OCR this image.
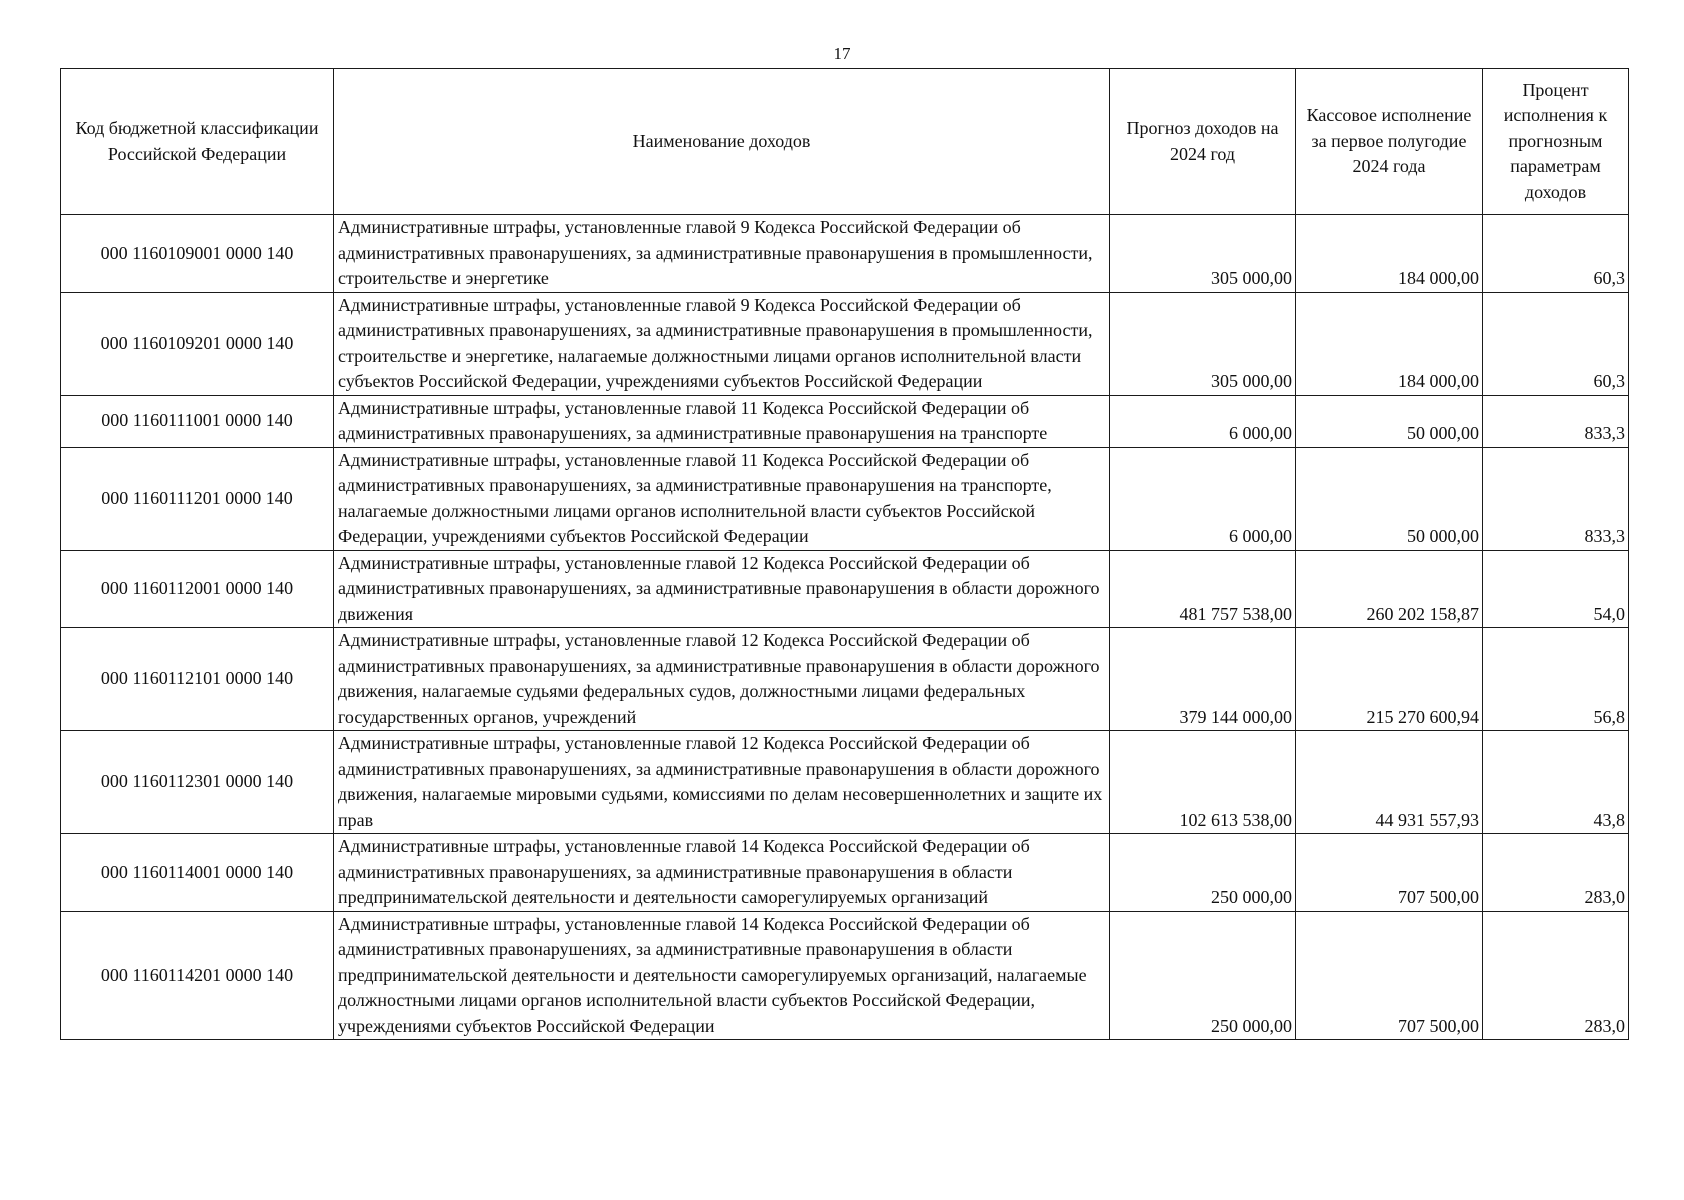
17
Код бюджетной классификации Российской Федерации	Наименование доходов	Прогноз доходов на 2024 год	Кассовое исполнение за первое полугодие 2024 года	Процент исполнения к прогнозным параметрам доходов
000 1160109001 0000 140	Административные штрафы, установленные главой 9 Кодекса Российской Федерации об административных правонарушениях, за административные правонарушения в промышленности, строительстве и энергетике	305 000,00	184 000,00	60,3
000 1160109201 0000 140	Административные штрафы, установленные главой 9 Кодекса Российской Федерации об административных правонарушениях, за административные правонарушения в промышленности, строительстве и энергетике, налагаемые должностными лицами органов исполнительной власти субъектов Российской Федерации, учреждениями субъектов Российской Федерации	305 000,00	184 000,00	60,3
000 1160111001 0000 140	Административные штрафы, установленные главой 11 Кодекса Российской Федерации об административных правонарушениях, за административные правонарушения на транспорте	6 000,00	50 000,00	833,3
000 1160111201 0000 140	Административные штрафы, установленные главой 11 Кодекса Российской Федерации об административных правонарушениях, за административные правонарушения на транспорте, налагаемые должностными лицами органов исполнительной власти субъектов Российской Федерации, учреждениями субъектов Российской Федерации	6 000,00	50 000,00	833,3
000 1160112001 0000 140	Административные штрафы, установленные главой 12 Кодекса Российской Федерации об административных правонарушениях, за административные правонарушения в области дорожного движения	481 757 538,00	260 202 158,87	54,0
000 1160112101 0000 140	Административные штрафы, установленные главой 12 Кодекса Российской Федерации об административных правонарушениях, за административные правонарушения в области дорожного движения, налагаемые судьями федеральных судов, должностными лицами федеральных государственных органов, учреждений	379 144 000,00	215 270 600,94	56,8
000 1160112301 0000 140	Административные штрафы, установленные главой 12 Кодекса Российской Федерации об административных правонарушениях, за административные правонарушения в области дорожного движения, налагаемые мировыми судьями, комиссиями по делам несовершеннолетних и защите их прав	102 613 538,00	44 931 557,93	43,8
000 1160114001 0000 140	Административные штрафы, установленные главой 14 Кодекса Российской Федерации об административных правонарушениях, за административные правонарушения в области предпринимательской деятельности и деятельности саморегулируемых организаций	250 000,00	707 500,00	283,0
000 1160114201 0000 140	Административные штрафы, установленные главой 14 Кодекса Российской Федерации об административных правонарушениях, за административные правонарушения в области предпринимательской деятельности и деятельности саморегулируемых организаций, налагаемые должностными лицами органов исполнительной власти субъектов Российской Федерации, учреждениями субъектов Российской Федерации	250 000,00	707 500,00	283,0
